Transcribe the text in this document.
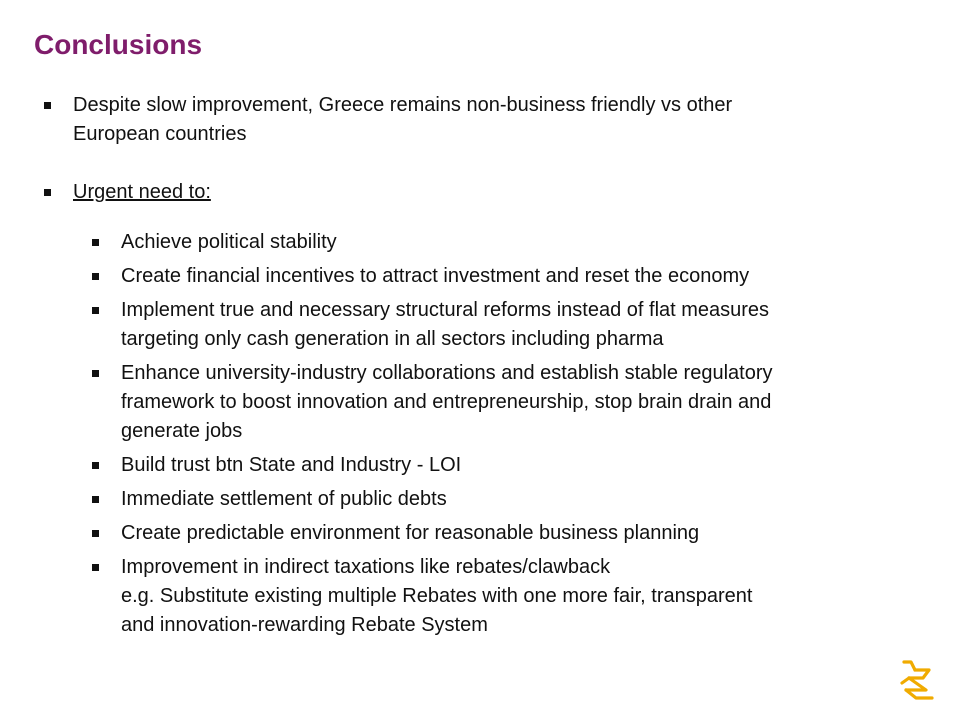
Conclusions
Despite slow improvement, Greece remains non-business friendly vs other
European countries
Urgent need to:
Achieve political stability
Create financial incentives to attract investment and reset the economy
Implement true and necessary structural reforms instead of flat measures
targeting only cash generation in all sectors including pharma
Enhance university-industry collaborations and establish stable regulatory
framework to boost innovation and entrepreneurship, stop brain drain and
generate jobs
Build trust btn State and Industry - LOI
Immediate settlement of public debts
Create predictable environment for reasonable business planning
Improvement in indirect taxations like rebates/clawback
e.g. Substitute existing multiple Rebates with one more fair, transparent
and innovation-rewarding Rebate System
